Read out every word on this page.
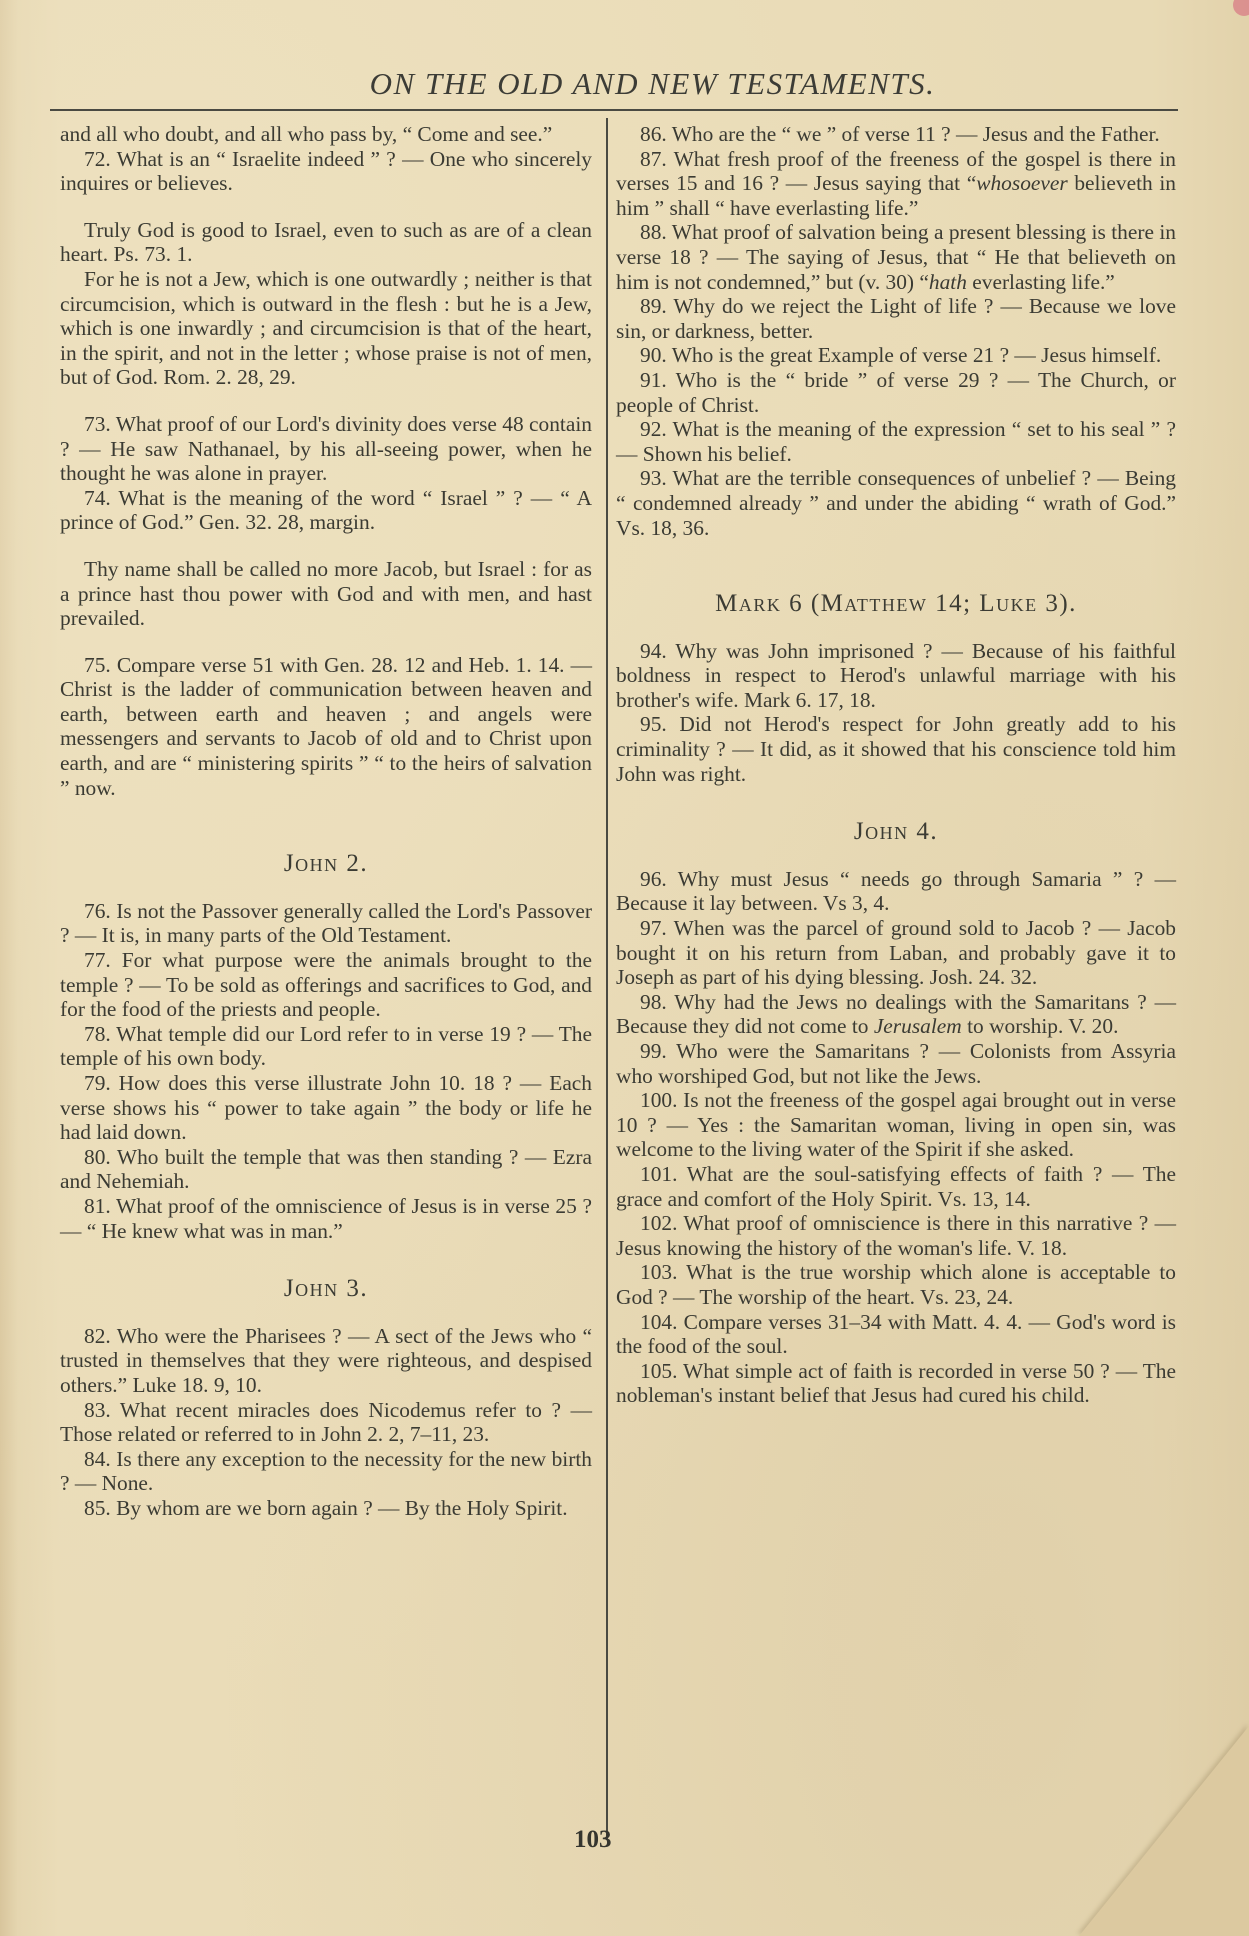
ON THE OLD AND NEW TESTAMENTS.

and all who doubt, and all who pass by, “ Come and see.”

72. What is an “ Israelite indeed ” ? — One who sincerely inquires or believes.

Truly God is good to Israel, even to such as are of a clean heart. Ps. 73. 1.

For he is not a Jew, which is one outwardly ; neither is that circumcision, which is outward in the flesh : but he is a Jew, which is one inwardly ; and circumcision is that of the heart, in the spirit, and not in the letter ; whose praise is not of men, but of God. Rom. 2. 28, 29.

73. What proof of our Lord's divinity does verse 48 contain ? — He saw Nathanael, by his all-seeing power, when he thought he was alone in prayer.

74. What is the meaning of the word “ Israel ” ? — “ A prince of God.” Gen. 32. 28, margin.

Thy name shall be called no more Jacob, but Israel : for as a prince hast thou power with God and with men, and hast prevailed.

75. Compare verse 51 with Gen. 28. 12 and Heb. 1. 14. — Christ is the ladder of communication between heaven and earth, between earth and heaven ; and angels were messengers and servants to Jacob of old and to Christ upon earth, and are “ ministering spirits ” “ to the heirs of salvation ” now.

John 2.

76. Is not the Passover generally called the Lord's Passover ? — It is, in many parts of the Old Testament.

77. For what purpose were the animals brought to the temple ? — To be sold as offerings and sacrifices to God, and for the food of the priests and people.

78. What temple did our Lord refer to in verse 19 ? — The temple of his own body.

79. How does this verse illustrate John 10. 18 ? — Each verse shows his “ power to take again ” the body or life he had laid down.

80. Who built the temple that was then standing ? — Ezra and Nehemiah.

81. What proof of the omniscience of Jesus is in verse 25 ? — “ He knew what was in man.”

John 3.

82. Who were the Pharisees ? — A sect of the Jews who “ trusted in themselves that they were righteous, and despised others.” Luke 18. 9, 10.

83. What recent miracles does Nicodemus refer to ? — Those related or referred to in John 2. 2, 7–11, 23.

84. Is there any exception to the necessity for the new birth ? — None.

85. By whom are we born again ? — By the Holy Spirit.

86. Who are the “ we ” of verse 11 ? — Jesus and the Father.

87. What fresh proof of the freeness of the gospel is there in verses 15 and 16 ? — Jesus saying that “whosoever believeth in him ” shall “ have everlasting life.”

88. What proof of salvation being a present blessing is there in verse 18 ? — The saying of Jesus, that “ He that believeth on him is not condemned,” but (v. 30) “hath everlasting life.”

89. Why do we reject the Light of life ? — Because we love sin, or darkness, better.

90. Who is the great Example of verse 21 ? — Jesus himself.

91. Who is the “ bride ” of verse 29 ? — The Church, or people of Christ.

92. What is the meaning of the expression “ set to his seal ” ? — Shown his belief.

93. What are the terrible consequences of unbelief ? — Being “ condemned already ” and under the abiding “ wrath of God.” Vs. 18, 36.

Mark 6 (Matthew 14; Luke 3).

94. Why was John imprisoned ? — Because of his faithful boldness in respect to Herod's unlawful marriage with his brother's wife. Mark 6. 17, 18.

95. Did not Herod's respect for John greatly add to his criminality ? — It did, as it showed that his conscience told him John was right.

John 4.

96. Why must Jesus “ needs go through Samaria ” ? — Because it lay between. Vs 3, 4.

97. When was the parcel of ground sold to Jacob ? — Jacob bought it on his return from Laban, and probably gave it to Joseph as part of his dying blessing. Josh. 24. 32.

98. Why had the Jews no dealings with the Samaritans ? — Because they did not come to Jerusalem to worship. V. 20.

99. Who were the Samaritans ? — Colonists from Assyria who worshiped God, but not like the Jews.

100. Is not the freeness of the gospel agai brought out in verse 10 ? — Yes : the Samaritan woman, living in open sin, was welcome to the living water of the Spirit if she asked.

101. What are the soul-satisfying effects of faith ? — The grace and comfort of the Holy Spirit. Vs. 13, 14.

102. What proof of omniscience is there in this narrative ? — Jesus knowing the history of the woman's life. V. 18.

103. What is the true worship which alone is acceptable to God ? — The worship of the heart. Vs. 23, 24.

104. Compare verses 31–34 with Matt. 4. 4. — God's word is the food of the soul.

105. What simple act of faith is recorded in verse 50 ? — The nobleman's instant belief that Jesus had cured his child.

103
